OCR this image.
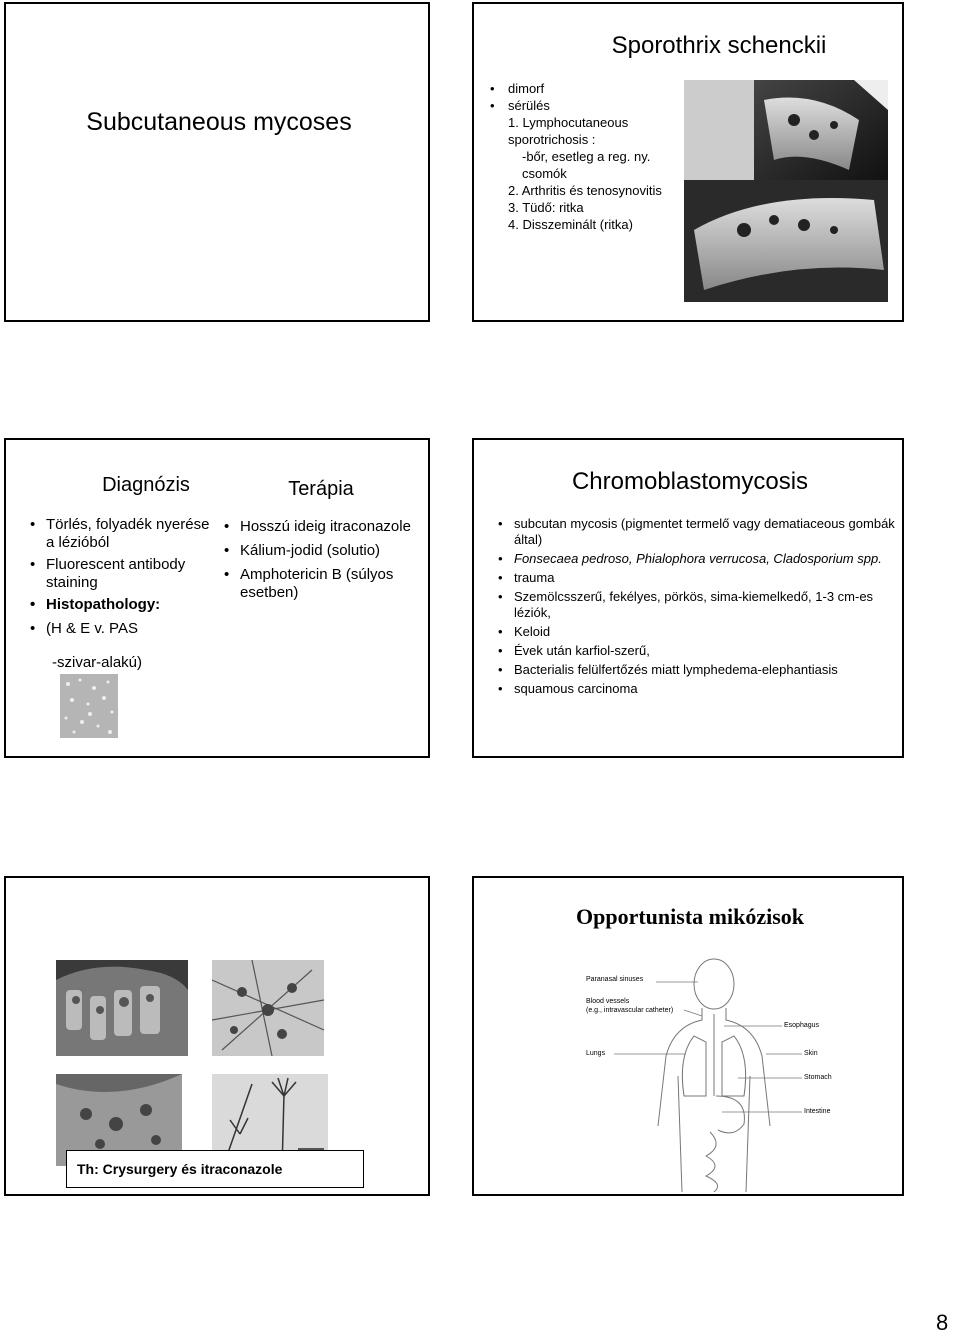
Subcutaneous mycoses
Sporothrix schenckii
• dimorf
• sérülés
1. Lymphocutaneous sporotrichosis :
-bőr, esetleg a reg. ny. csomók
2. Arthritis és tenosynovitis
3. Tüdő: ritka
4. Disszeminált (ritka)
Diagnózis	Terápia
• Törlés, folyadék nyerése a lézióból
• Fluorescent antibody staining
• Histopathology:
• (H & E v. PAS
-szivar-alakú)
• Hosszú ideig itraconazole
• Kálium-jodid (solutio)
• Amphotericin B (súlyos esetben)
Chromoblastomycosis
• subcutan mycosis (pigmentet termelő vagy dematiaceous gombák által)
• Fonsecaea pedroso, Phialophora verrucosa, Cladosporium spp.
• trauma
• Szemölcsszerű, fekélyes, pörkös, sima-kiemelkedő, 1-3 cm-es léziók,
• Keloid
• Évek után karfiol-szerű,
• Bacterialis felülfertőzés miatt lymphedema-elephantiasis
• squamous carcinoma
Th: Crysurgery és itraconazole
Opportunista mikózisok
Paranasal sinuses
Blood vessels
(e.g., intravascular catheter)
Esophagus
Lungs	Skin
Stomach
Intestine
8
